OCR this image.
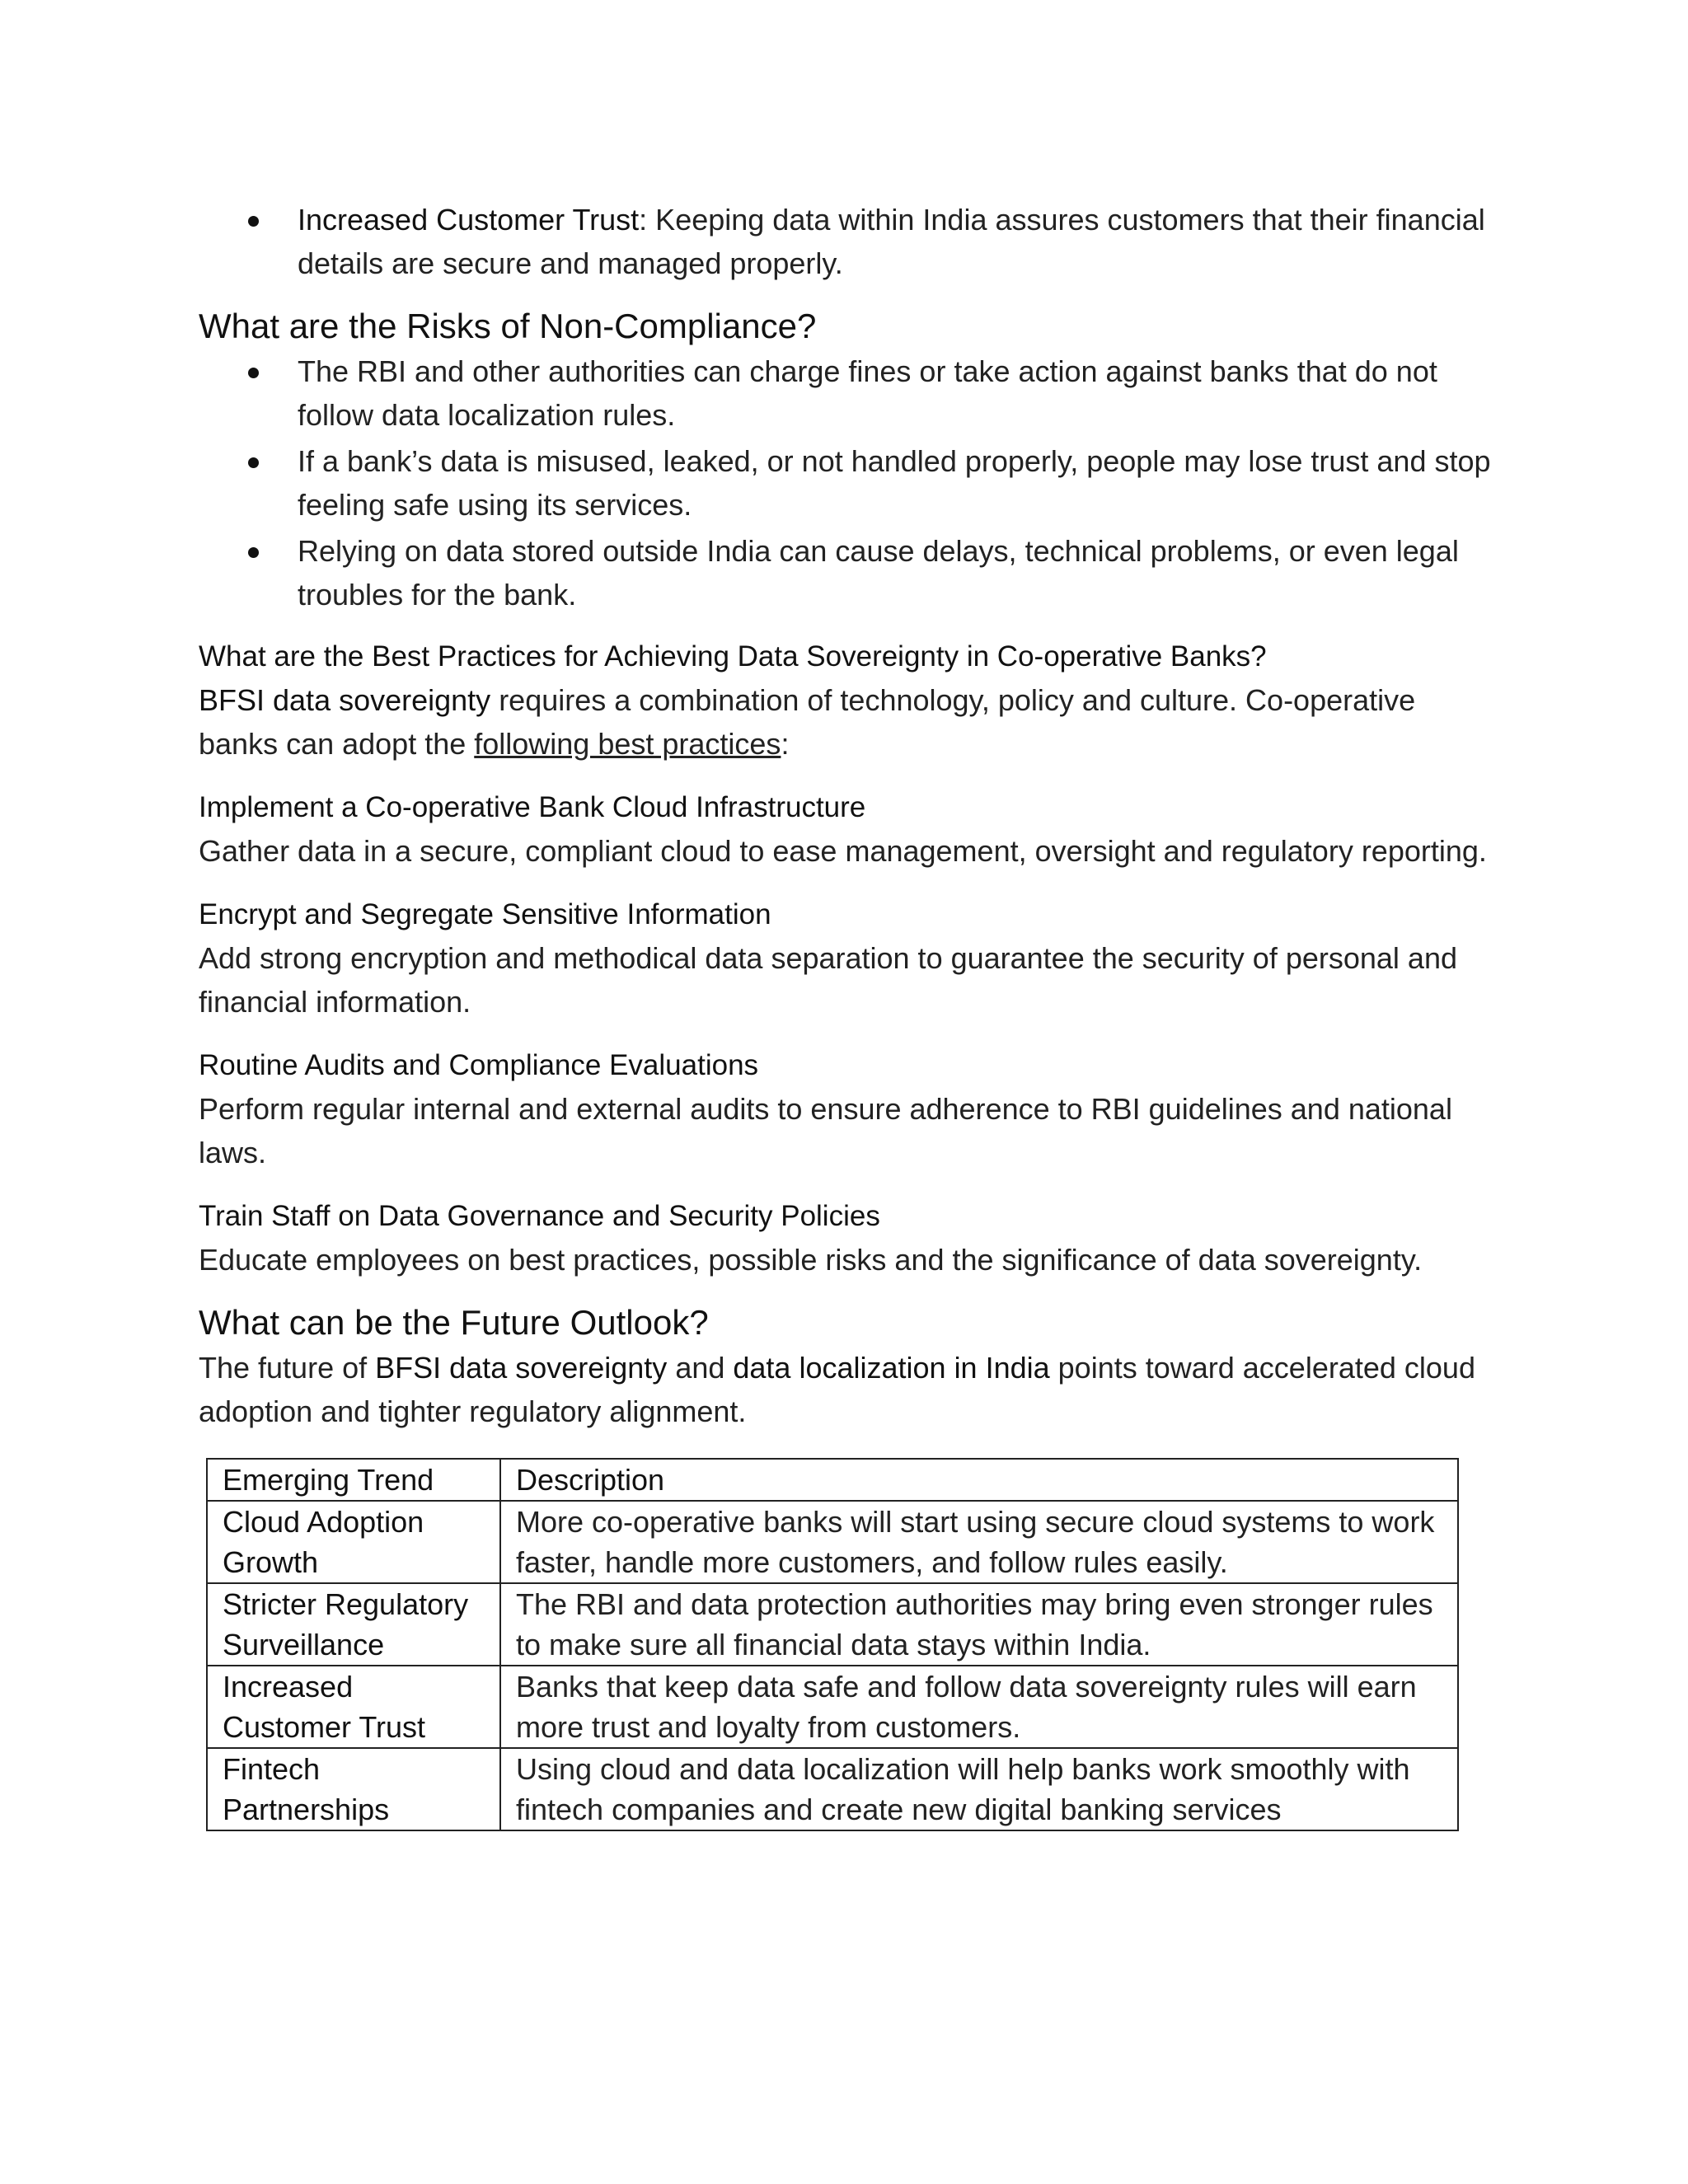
Increased Customer Trust: Keeping data within India assures customers that their financial details are secure and managed properly.
What are the Risks of Non-Compliance?
The RBI and other authorities can charge fines or take action against banks that do not follow data localization rules.
If a bank’s data is misused, leaked, or not handled properly, people may lose trust and stop feeling safe using its services.
Relying on data stored outside India can cause delays, technical problems, or even legal troubles for the bank.
What are the Best Practices for Achieving Data Sovereignty in Co-operative Banks?

BFSI data sovereignty requires a combination of technology, policy and culture. Co-operative banks can adopt the following best practices:

Implement a Co-operative Bank Cloud Infrastructure

Gather data in a secure, compliant cloud to ease management, oversight and regulatory reporting.

Encrypt and Segregate Sensitive Information

Add strong encryption and methodical data separation to guarantee the security of personal and financial information.

Routine Audits and Compliance Evaluations

Perform regular internal and external audits to ensure adherence to RBI guidelines and national laws.

Train Staff on Data Governance and Security Policies

Educate employees on best practices, possible risks and the significance of data sovereignty.

What can be the Future Outlook?

The future of BFSI data sovereignty and data localization in India points toward accelerated cloud adoption and tighter regulatory alignment.

Emerging Trend	Description
Cloud Adoption Growth	More co-operative banks will start using secure cloud systems to work faster, handle more customers, and follow rules easily.
Stricter Regulatory Surveillance	The RBI and data protection authorities may bring even stronger rules to make sure all financial data stays within India.
Increased Customer Trust	Banks that keep data safe and follow data sovereignty rules will earn more trust and loyalty from customers.
Fintech Partnerships	Using cloud and data localization will help banks work smoothly with fintech companies and create new digital banking services
